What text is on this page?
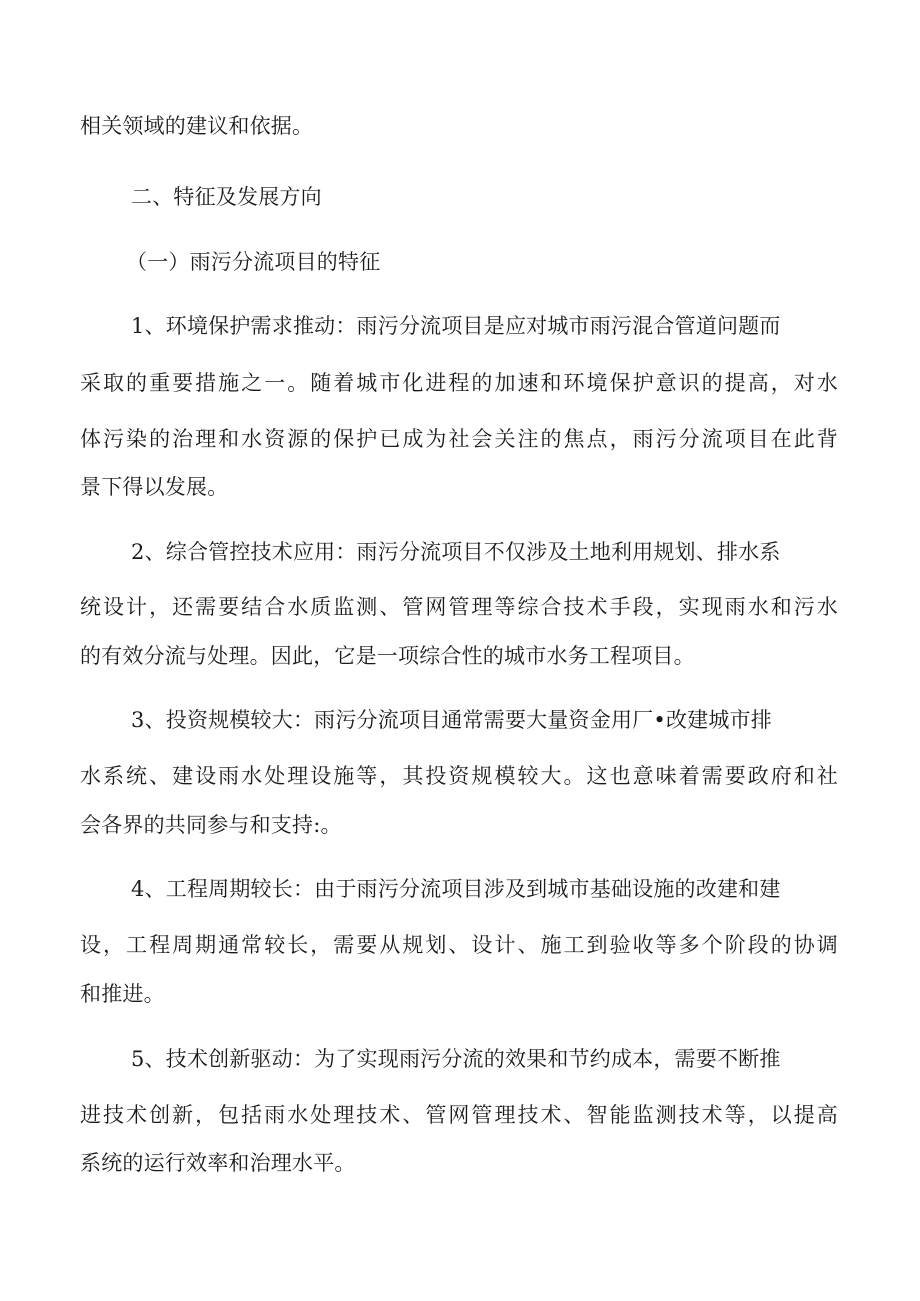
相关领域的建议和依据。
二、特征及发展方向
（一）雨污分流项目的特征
1、环境保护需求推动：雨污分流项目是应对城市雨污混合管道问题而
采取的重要措施之一。随着城市化进程的加速和环境保护意识的提高，对水
体污染的治理和水资源的保护已成为社会关注的焦点，雨污分流项目在此背
景下得以发展。
2、综合管控技术应用：雨污分流项目不仅涉及土地利用规划、排水系
统设计，还需要结合水质监测、管网管理等综合技术手段，实现雨水和污水
的有效分流与处理。因此，它是一项综合性的城市水务工程项目。
3、投资规模较大：雨污分流项目通常需要大量资金用厂•改建城市排
水系统、建设雨水处理设施等，其投资规模较大。这也意味着需要政府和社
会各界的共同参与和支持:。
4、工程周期较长：由于雨污分流项目涉及到城市基础设施的改建和建
设，工程周期通常较长，需要从规划、设计、施工到验收等多个阶段的协调
和推进。
5、技术创新驱动：为了实现雨污分流的效果和节约成本，需要不断推
进技术创新，包括雨水处理技术、管网管理技术、智能监测技术等，以提高
系统的运行效率和治理水平。
